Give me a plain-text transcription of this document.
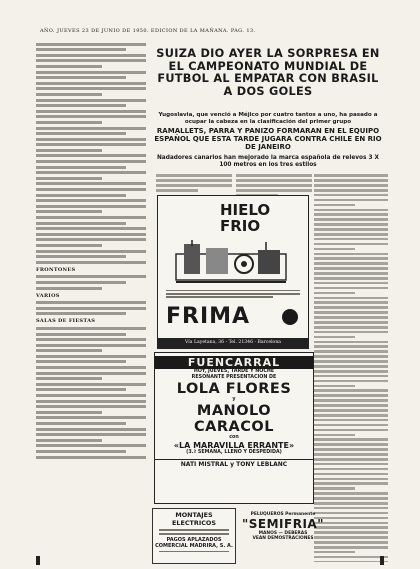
AÑO. JUEVES 23 DE JUNIO DE 1950. EDICION DE LA MAÑANA. PAG. 13.
FRONTONES
VARIOS
SALAS DE FIESTAS
SUIZA DIO AYER LA SORPRESA EN EL CAMPEONATO MUNDIAL DE FUTBOL AL EMPATAR CON BRASIL A DOS GOLES
Yugoslavia, que venció a Méjico por cuatro tantos a uno, ha pasado a ocupar la cabeza en la clasificación del primer grupo
RAMALLETS, PARRA Y PANIZO FORMARAN EN EL EQUIPO ESPAÑOL QUE ESTA TARDE JUGARA CONTRA CHILE EN RIO DE JANEIRO
Nadadores canarios han mejorado la marca española de relevos 3 X 100 metros en los tres estilos
HIELO
FRIO
FRIMA
Vía Layetana, 36 - Tel. 21346 - Barcelona
FUENCARRAL
HOY, JUEVES, TARDE Y NOCHE
RESONANTE PRESENTACION DE
LOLA FLORES
y
MANOLO CARACOL
con
«LA MARAVILLA ERRANTE»
(3.ª SEMANA, LLENO Y DESPEDIDA)
NATI MISTRAL y TONY LEBLANC
MONTAJES ELECTRICOS
PAGOS APLAZADOS
COMERCIAL MADRIRA, S. A.
PELUQUEROS Permanente
"SEMIFRIA"
MANOS — DEBERAS
VEAN DEMOSTRACIONES
